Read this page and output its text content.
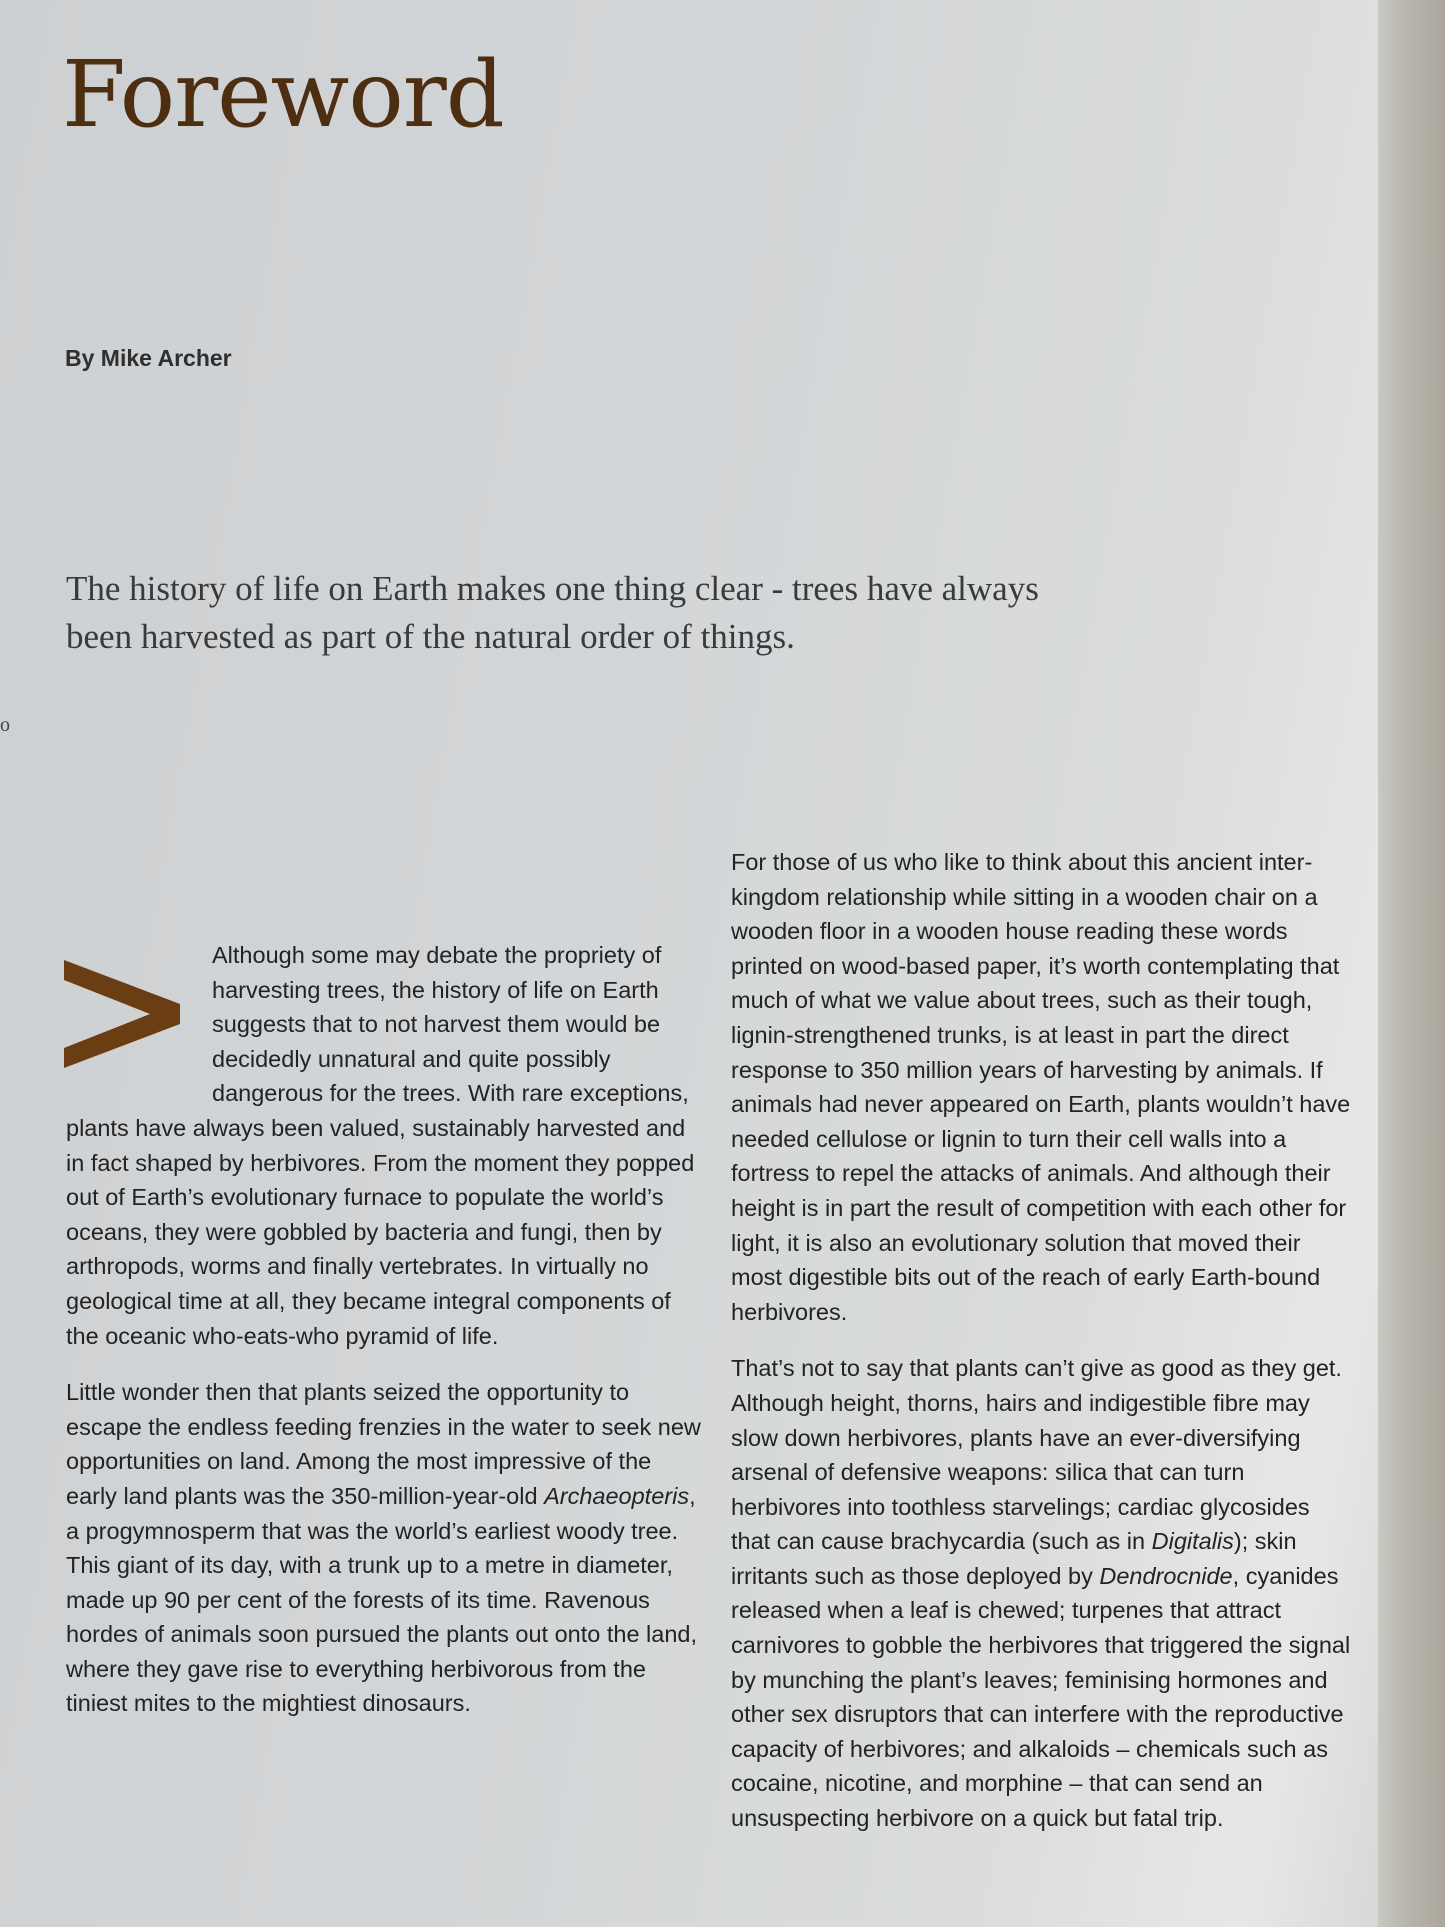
Foreword
By Mike Archer

The history of life on Earth makes one thing clear - trees have always been harvested as part of the natural order of things.

o

Although some may debate the propriety of harvesting trees, the history of life on Earth suggests that to not harvest them would be decidedly unnatural and quite possibly dangerous for the trees. With rare exceptions, plants have always been valued, sustainably harvested and in fact shaped by herbivores. From the moment they popped out of Earth’s evolutionary furnace to populate the world’s oceans, they were gobbled by bacteria and fungi, then by arthropods, worms and finally vertebrates. In virtually no geological time at all, they became integral components of the oceanic who-eats-who pyramid of life.

Little wonder then that plants seized the opportunity to escape the endless feeding frenzies in the water to seek new opportunities on land. Among the most impressive of the early land plants was the 350-million-year-old Archaeopteris, a progymnosperm that was the world’s earliest woody tree. This giant of its day, with a trunk up to a metre in diameter, made up 90 per cent of the forests of its time. Ravenous hordes of animals soon pursued the plants out onto the land, where they gave rise to everything herbivorous from the tiniest mites to the mightiest dinosaurs.

For those of us who like to think about this ancient inter-kingdom relationship while sitting in a wooden chair on a wooden floor in a wooden house reading these words printed on wood-based paper, it’s worth contemplating that much of what we value about trees, such as their tough, lignin-strengthened trunks, is at least in part the direct response to 350 million years of harvesting by animals. If animals had never appeared on Earth, plants wouldn’t have needed cellulose or lignin to turn their cell walls into a fortress to repel the attacks of animals. And although their height is in part the result of competition with each other for light, it is also an evolutionary solution that moved their most digestible bits out of the reach of early Earth-bound herbivores.

That’s not to say that plants can’t give as good as they get. Although height, thorns, hairs and indigestible fibre may slow down herbivores, plants have an ever-diversifying arsenal of defensive weapons: silica that can turn herbivores into toothless starvelings; cardiac glycosides that can cause brachycardia (such as in Digitalis); skin irritants such as those deployed by Dendrocnide, cyanides released when a leaf is chewed; turpenes that attract carnivores to gobble the herbivores that triggered the signal by munching the plant’s leaves; feminising hormones and other sex disruptors that can interfere with the reproductive capacity of herbivores; and alkaloids – chemicals such as cocaine, nicotine, and morphine – that can send an unsuspecting herbivore on a quick but fatal trip.
